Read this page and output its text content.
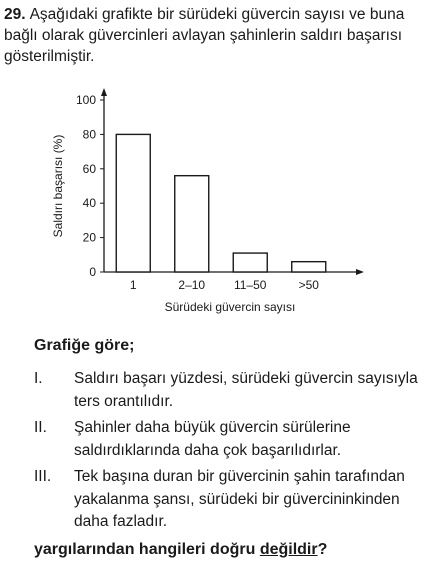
29. Aşağıdaki grafikte bir sürüdeki güvercin sayısı ve buna bağlı olarak güvercinleri avlayan şahinlerin saldırı başarısı gösterilmiştir.
0
20
40
60
80
100
1	2–10 11–50	>50
Sürüdeki güvercin sayısı
Saldırı başarısı (%)
Grafiğe göre;
I. Saldırı başarı yüzdesi, sürüdeki güvercin sayısıyla ters orantılıdır.
II. Şahinler daha büyük güvercin sürülerine saldırdıklarında daha çok başarılıdırlar.
III. Tek başına duran bir güvercinin şahin tarafından yakalanma şansı, sürüdeki bir güvercininkinden daha fazladır.
yargılarından hangileri doğru değildir?
